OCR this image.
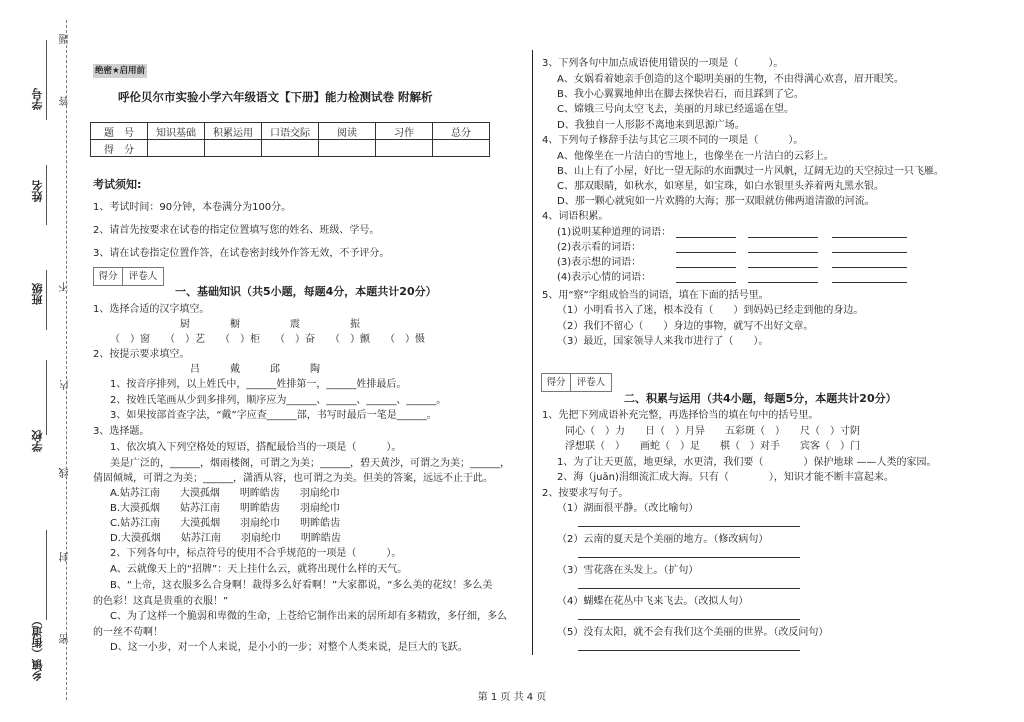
学号
姓名
班级
学校
乡镇（街道）
题
答
不
内
线
封
密
绝密★启用前
呼伦贝尔市实验小学六年级语文【下册】能力检测试卷 附解析
题　号	知识基础	积累运用	口语交际	阅读	习作	总分
得　分						
考试须知:
1、考试时间：90分钟，本卷满分为100分。
2、请首先按要求在试卷的指定位置填写您的姓名、班级、学号。
3、请在试卷指定位置作答，在试卷密封线外作答无效，不予评分。
得分	评卷人
一、基础知识（共5小题，每题4分，本题共计20分）
1、选择合适的汉字填空。
厨　　　　橱　　　　　震　　　　　振
（　）窗　　（　）艺　　（　）柜　　（　）奋　　（　）颤　　（　）慑
2、按提示要求填空。
吕　　　戴　　　邱　　　陶
1、按音序排列，以上姓氏中，______姓排第一，______姓排最后。
2、按姓氏笔画从少到多排列，顺序应为______、______、______、______。
3、如果按部首查字法，“戴”字应查______部，书写时最后一笔是______。
3、选择题。
1、依次填入下列空格处的短语，搭配最恰当的一项是（　　　）。
美是广泛的，______，烟雨楼阁，可谓之为美；______，碧天黄沙，可谓之为美；______，
倩固倾城，可谓之为美；______，潇洒从容，也可谓之为美。但美的答案，远远不止于此。
A.姑苏江南　　大漠孤烟　　明眸皓齿　　羽扇纶巾
B.大漠孤烟　　姑苏江南　　明眸皓齿　　羽扇纶巾
C.姑苏江南　　大漠孤烟　　羽扇纶巾　　明眸皓齿
D.大漠孤烟　　姑苏江南　　羽扇纶巾　　明眸皓齿
2、下列各句中，标点符号的使用不合乎规范的一项是（　　　）。
A、云就像天上的“招牌”：天上挂什么云，就将出现什么样的天气。
B、“上帝，这衣服多么合身啊！裁得多么好看啊！”大家都说，“多么美的花纹！多么美
的色彩！这真是贵重的衣服！”
C、为了这样一个脆弱和卑微的生命，上苍给它制作出来的居所却有多精致，多仔细，多么
的一丝不苟啊！
D、这一小步，对一个人来说，是小小的一步；对整个人类来说，是巨大的飞跃。
3、下列各句中加点成语使用错误的一项是（　　　）。
A、女娲看着她亲手创造的这个聪明美丽的生物，不由得满心欢喜，眉开眼笑。
B、我小心翼翼地伸出在脚去探快岩石，而且踩到了它。
C、嫦娥三号向太空飞去，美丽的月球已经遥遥在望。
D、我独自一人形影不离地来到思源广场。
4、下列句子修辞手法与其它三项不同的一项是（　　　）。
A、他像坐在一片洁白的雪地上，也像坐在一片洁白的云彩上。
B、山上有了小屋，好比一望无际的水面飘过一片风帆，辽阔无边的天空掠过一只飞雁。
C、那双眼睛，如秋水，如寒星，如宝珠，如白水银里头养着两丸黑水银。
D、那一颗心就宛如一片欢腾的大海；那一双眼就仿佛两道清澈的河流。
4、词语积累。
(1)说明某种道理的词语：
(2)表示看的词语：
(3)表示想的词语：
(4)表示心情的词语：
5、用“察”字组成恰当的词语，填在下面的括号里。
（1）小明看书入了迷，根本没有（　　）到妈妈已经走到他的身边。
（2）我们不留心（　　）身边的事物，就写不出好文章。
（3）最近，国家领导人来我市进行了（　　）。
得分	评卷人
二、积累与运用（共4小题，每题5分，本题共计20分）
1、先把下列成语补充完整，再选择恰当的填在句中的括号里。
同心（　）力　　日（　）月异　　五彩斑（　）　　尺（　）寸阴
浮想联（　）　　画蛇（　）足　　棋（　）对手　　宾客（　）门
1、为了让天更蓝，地更绿，水更清，我们要（　　　　）保护地球 ——人类的家园。
2、海（juān)涓细流汇成大海。只有（　　　　），知识才能不断丰富起来。
2、按要求写句子。
（1）湖面很平静。（改比喻句）
（2）云南的夏天是个美丽的地方。（修改病句）
（3）雪花落在头发上。（扩句）
（4）蝴蝶在花丛中飞来飞去。（改拟人句）
（5）没有太阳，就不会有我们这个美丽的世界。（改反问句）
第 1 页 共 4 页
